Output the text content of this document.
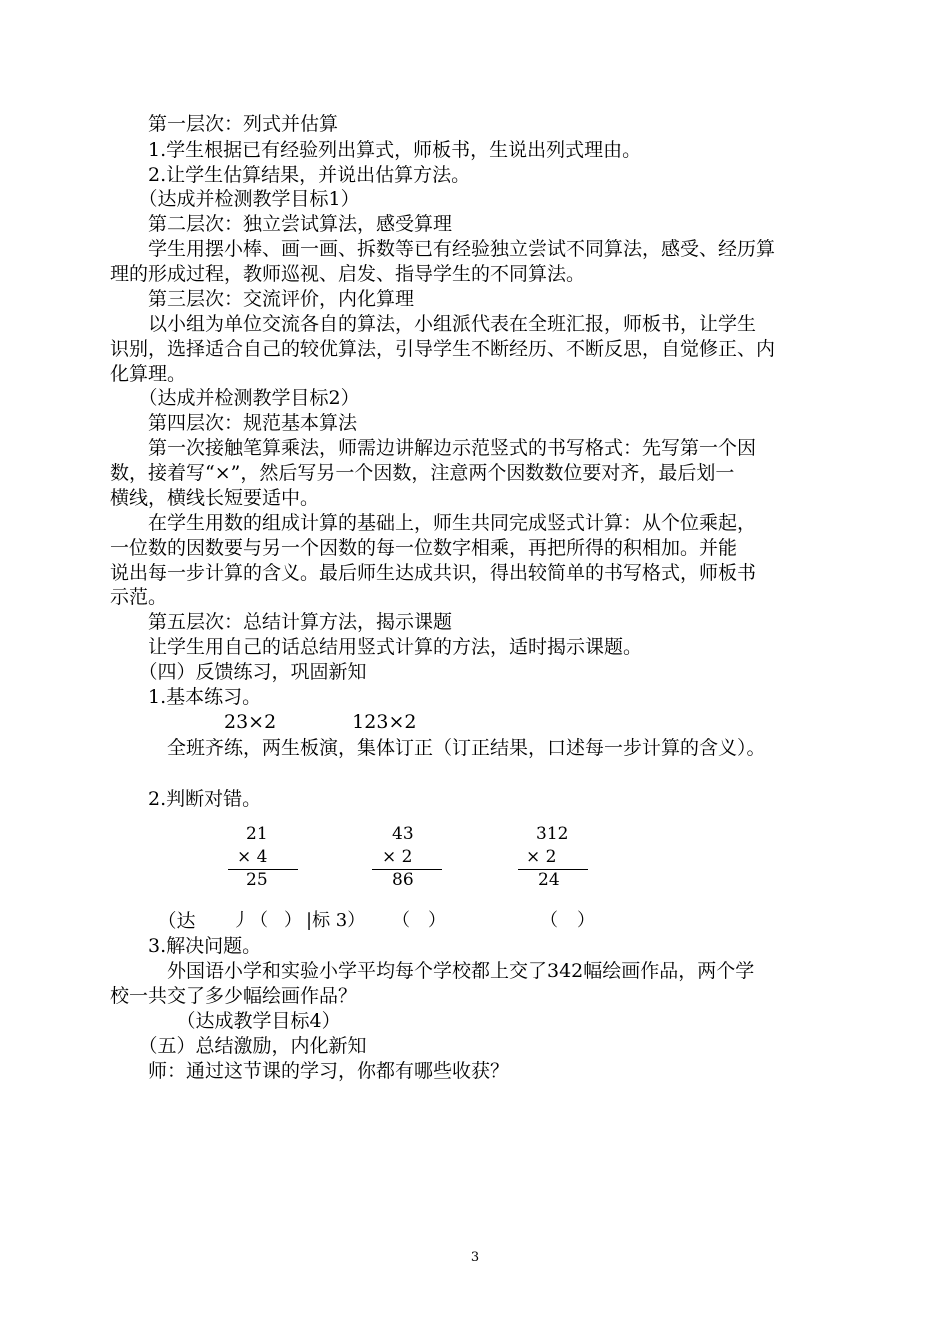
　　第一层次：列式并估算
　　1.学生根据已有经验列出算式，师板书，生说出列式理由。
　　2.让学生估算结果，并说出估算方法。
　　（达成并检测教学目标1）
　　第二层次：独立尝试算法，感受算理
　　学生用摆小棒、画一画、拆数等已有经验独立尝试不同算法，感受、经历算
理的形成过程，教师巡视、启发、指导学生的不同算法。
　　第三层次：交流评价，内化算理
　　以小组为单位交流各自的算法，小组派代表在全班汇报，师板书，让学生
识别，选择适合自己的较优算法，引导学生不断经历、不断反思，自觉修正、内
化算理。
　　（达成并检测教学目标2）
　　第四层次：规范基本算法
　　第一次接触笔算乘法，师需边讲解边示范竖式的书写格式：先写第一个因
数，接着写“×”，然后写另一个因数，注意两个因数数位要对齐，最后划一
横线，横线长短要适中。
　　在学生用数的组成计算的基础上，师生共同完成竖式计算：从个位乘起，
一位数的因数要与另一个因数的每一位数字相乘，再把所得的积相加。并能
说出每一步计算的含义。最后师生达成共识，得出较简单的书写格式，师板书
示范。
　　第五层次：总结计算方法，揭示课题
　　让学生用自己的话总结用竖式计算的方法，适时揭示课题。
　　（四）反馈练习，巩固新知
　　1.基本练习。
　　　　　　23×2　　　　123×2
　　　全班齐练，两生板演，集体订正（订正结果，口述每一步计算的含义）。
　　2.判断对错。
21
× 4
25
43
× 2
86
312
× 2
24
　　　（达	丿（ ） |标 3） （ ）	（ ）
　　3.解决问题。
　　　外国语小学和实验小学平均每个学校都上交了342幅绘画作品，两个学
校一共交了多少幅绘画作品？
　　　　（达成教学目标4）
　　（五）总结激励，内化新知
　　师：通过这节课的学习，你都有哪些收获？
3
